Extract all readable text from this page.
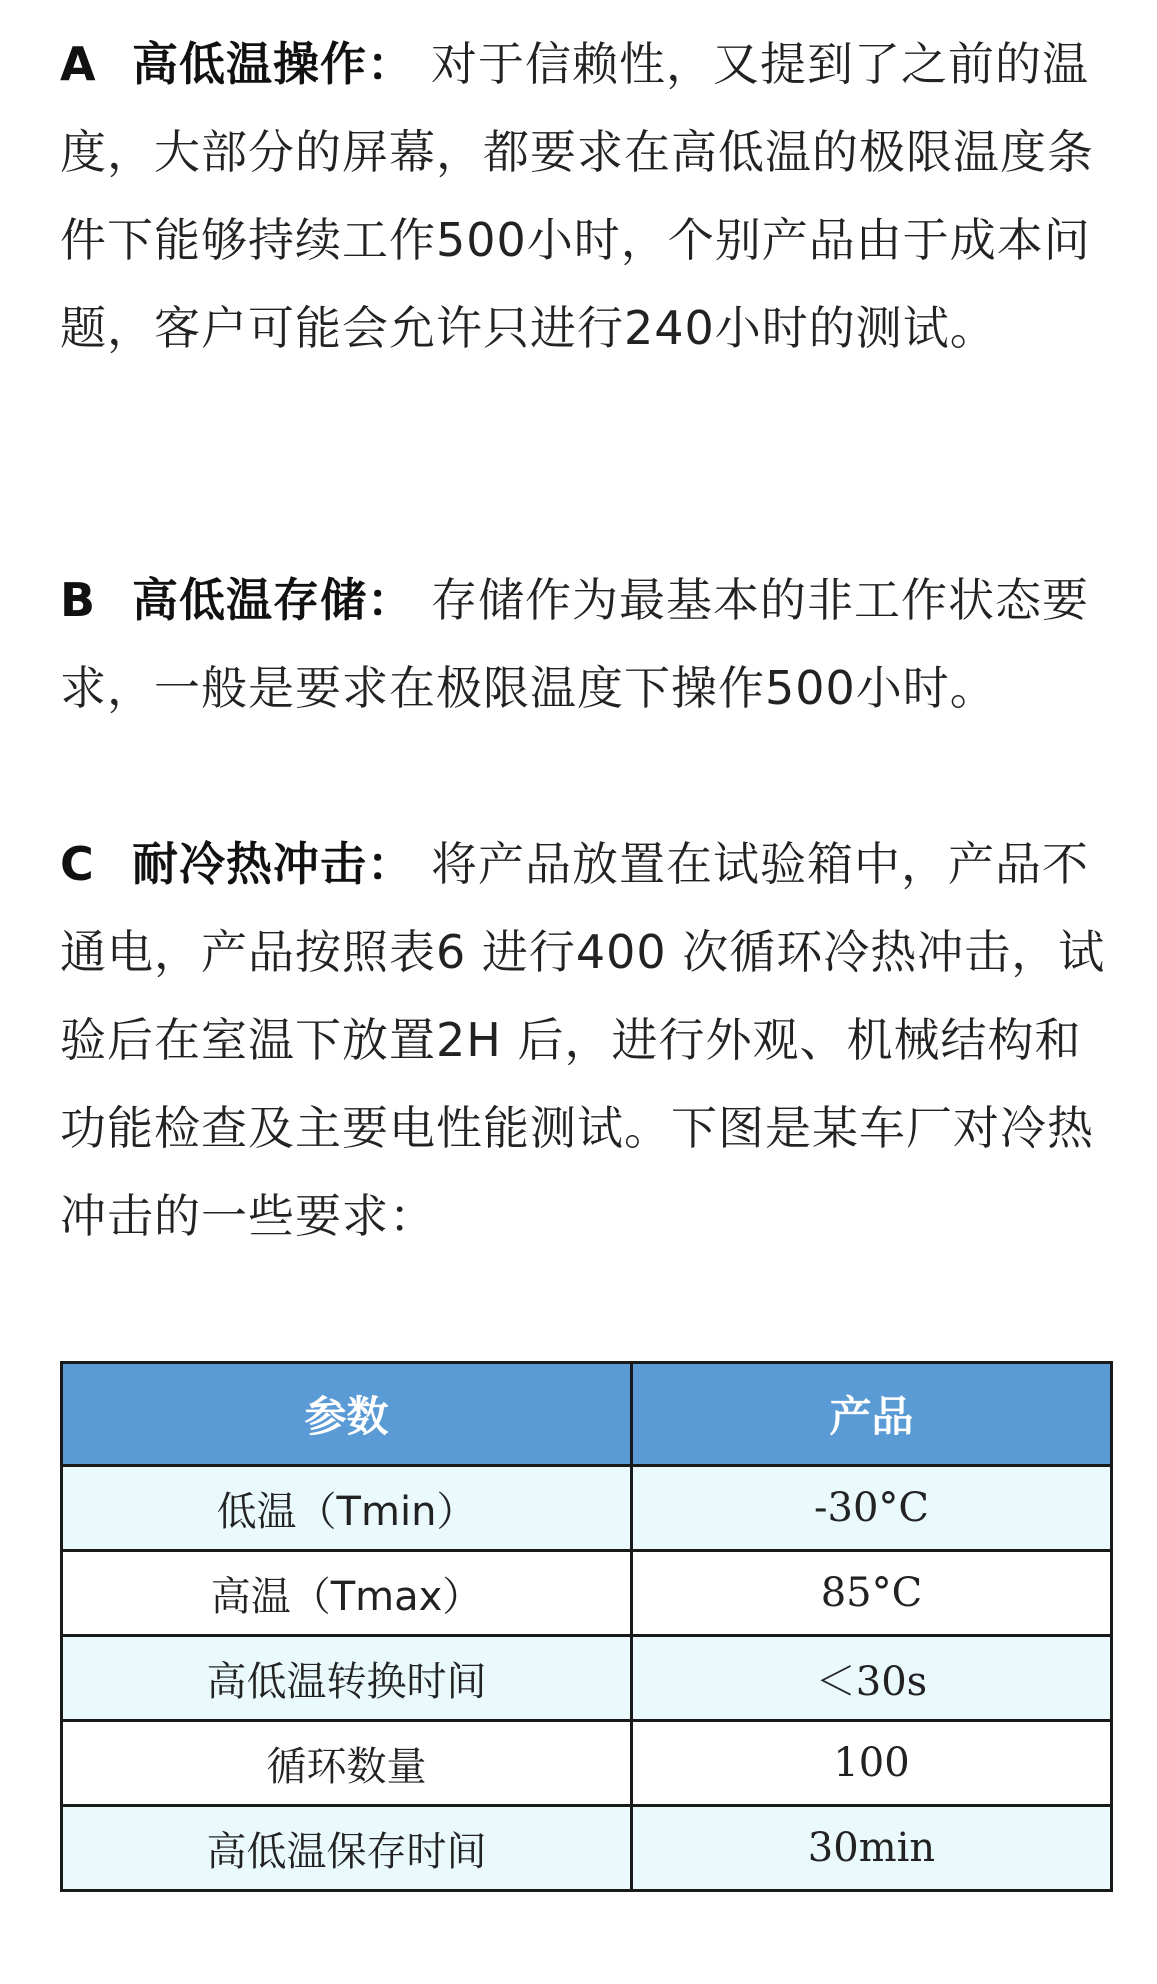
A 高低温操作： 对于信赖性，又提到了之前的温度，大部分的屏幕，都要求在高低温的极限温度条件下能够持续工作500小时，个别产品由于成本问题，客户可能会允许只进行240小时的测试。

B 高低温存储： 存储作为最基本的非工作状态要求，一般是要求在极限温度下操作500小时。

C 耐冷热冲击： 将产品放置在试验箱中，产品不通电，产品按照表6 进行400 次循环冷热冲击，试验后在室温下放置2H 后，进行外观、机械结构和功能检查及主要电性能测试。下图是某车厂对冷热冲击的一些要求：

参数	产品
低温（Tmin）	-30°C
高温（Tmax）	85°C
高低温转换时间	＜30s
循环数量	100
高低温保存时间	30min
